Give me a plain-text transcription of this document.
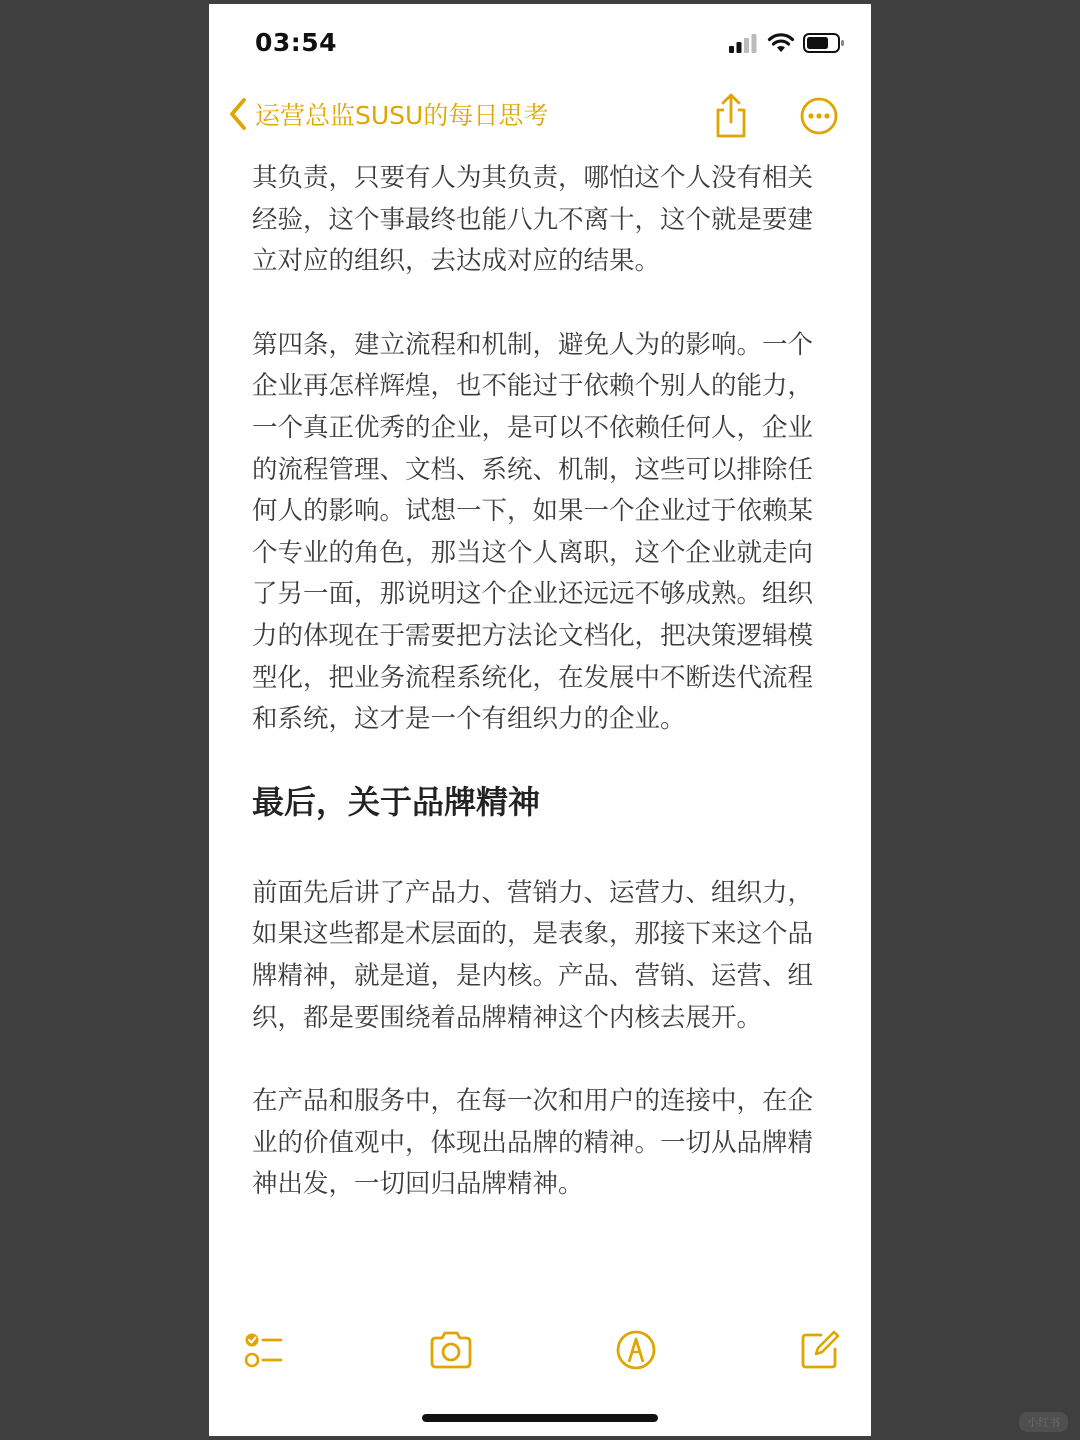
03:54
运营总监SUSU的每日思考

其负责，只要有人为其负责，哪怕这个人没有相关经验，这个事最终也能八九不离十，这个就是要建立对应的组织，去达成对应的结果。

第四条，建立流程和机制，避免人为的影响。一个企业再怎样辉煌，也不能过于依赖个别人的能力，一个真正优秀的企业，是可以不依赖任何人，企业的流程管理、文档、系统、机制，这些可以排除任何人的影响。试想一下，如果一个企业过于依赖某个专业的角色，那当这个人离职，这个企业就走向了另一面，那说明这个企业还远远不够成熟。组织力的体现在于需要把方法论文档化，把决策逻辑模型化，把业务流程系统化，在发展中不断迭代流程和系统，这才是一个有组织力的企业。

最后，关于品牌精神

前面先后讲了产品力、营销力、运营力、组织力，如果这些都是术层面的，是表象，那接下来这个品牌精神，就是道，是内核。产品、营销、运营、组织，都是要围绕着品牌精神这个内核去展开。

在产品和服务中，在每一次和用户的连接中，在企业的价值观中，体现出品牌的精神。一切从品牌精神出发，一切回归品牌精神。

小红书
